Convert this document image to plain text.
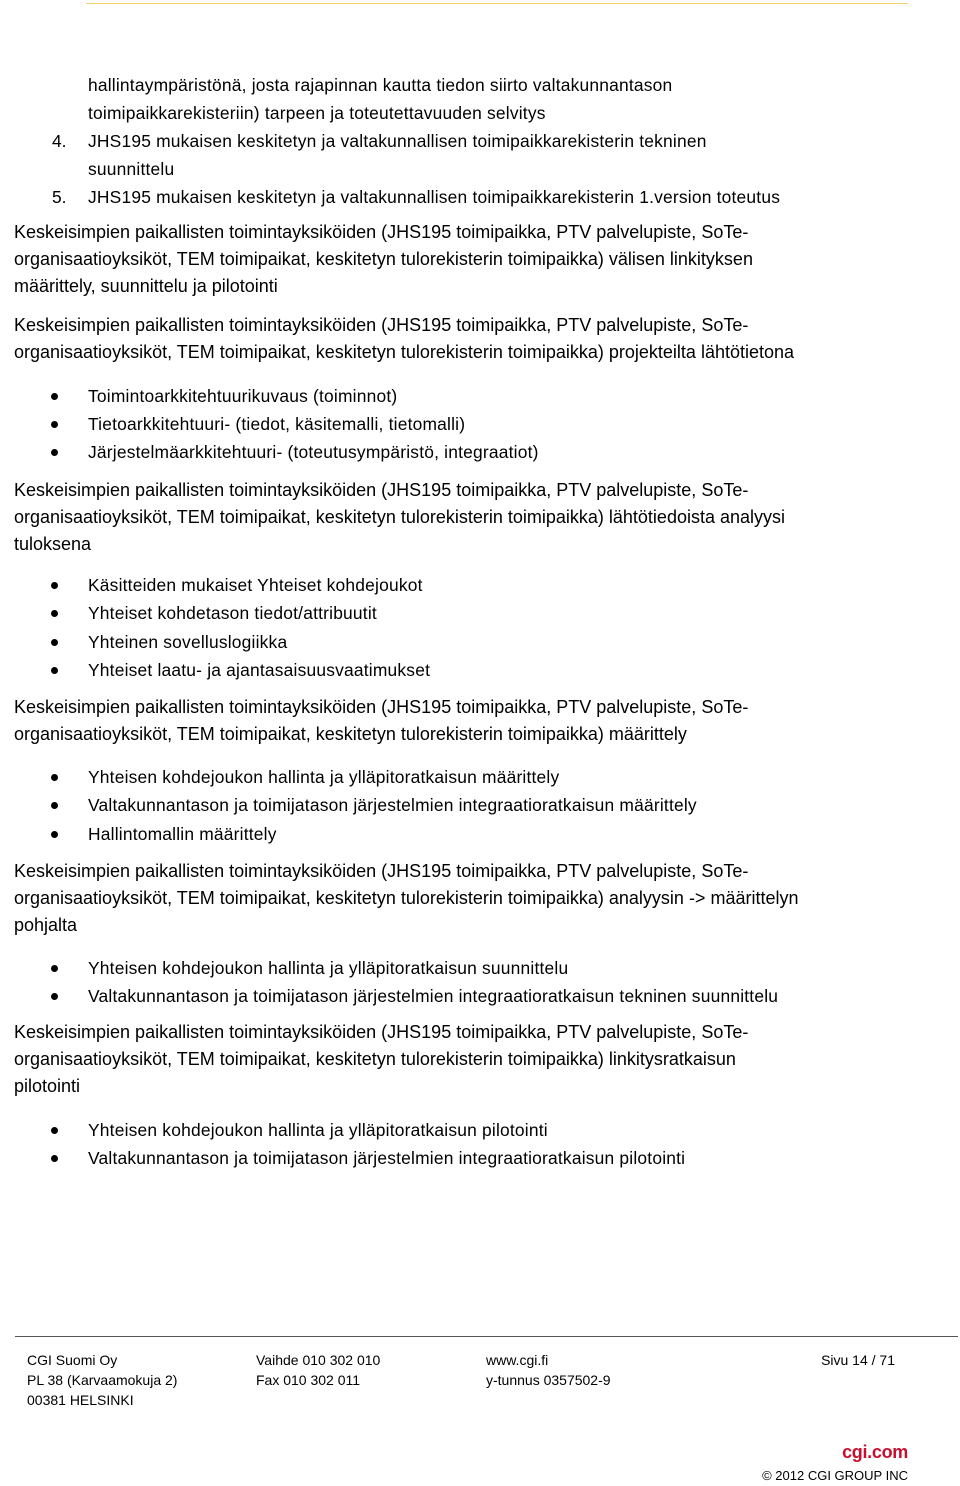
hallintaympäristönä, josta rajapinnan kautta tiedon siirto valtakunnantason

toimipaikkarekisteriin) tarpeen ja toteutettavuuden selvitys

4. JHS195 mukaisen keskitetyn ja valtakunnallisen toimipaikkarekisterin tekninen

suunnittelu

5. JHS195 mukaisen keskitetyn ja valtakunnallisen toimipaikkarekisterin 1.version toteutus

Keskeisimpien paikallisten toimintayksiköiden (JHS195 toimipaikka, PTV palvelupiste, SoTe-

organisaatioyksiköt, TEM toimipaikat, keskitetyn tulorekisterin toimipaikka) välisen linkityksen

määrittely, suunnittelu ja pilotointi

Keskeisimpien paikallisten toimintayksiköiden (JHS195 toimipaikka, PTV palvelupiste, SoTe-

organisaatioyksiköt, TEM toimipaikat, keskitetyn tulorekisterin toimipaikka) projekteilta lähtötietona

Toimintoarkkitehtuurikuvaus (toiminnot)
Tietoarkkitehtuuri- (tiedot, käsitemalli, tietomalli)
Järjestelmäarkkitehtuuri- (toteutusympäristö, integraatiot)

Keskeisimpien paikallisten toimintayksiköiden (JHS195 toimipaikka, PTV palvelupiste, SoTe-

organisaatioyksiköt, TEM toimipaikat, keskitetyn tulorekisterin toimipaikka) lähtötiedoista analyysi

tuloksena

Käsitteiden mukaiset Yhteiset kohdejoukot
Yhteiset kohdetason tiedot/attribuutit
Yhteinen sovelluslogiikka
Yhteiset laatu- ja ajantasaisuusvaatimukset

Keskeisimpien paikallisten toimintayksiköiden (JHS195 toimipaikka, PTV palvelupiste, SoTe-

organisaatioyksiköt, TEM toimipaikat, keskitetyn tulorekisterin toimipaikka) määrittely

Yhteisen kohdejoukon hallinta ja ylläpitoratkaisun määrittely
Valtakunnantason ja toimijatason järjestelmien integraatioratkaisun määrittely
Hallintomallin määrittely

Keskeisimpien paikallisten toimintayksiköiden (JHS195 toimipaikka, PTV palvelupiste, SoTe-

organisaatioyksiköt, TEM toimipaikat, keskitetyn tulorekisterin toimipaikka) analyysin -> määrittelyn

pohjalta

Yhteisen kohdejoukon hallinta ja ylläpitoratkaisun suunnittelu
Valtakunnantason ja toimijatason järjestelmien integraatioratkaisun tekninen suunnittelu

Keskeisimpien paikallisten toimintayksiköiden (JHS195 toimipaikka, PTV palvelupiste, SoTe-

organisaatioyksiköt, TEM toimipaikat, keskitetyn tulorekisterin toimipaikka) linkitysratkaisun

pilotointi

Yhteisen kohdejoukon hallinta ja ylläpitoratkaisun pilotointi
Valtakunnantason ja toimijatason järjestelmien integraatioratkaisun pilotointi
CGI Suomi Oy
PL 38 (Karvaamokuja 2)
00381 HELSINKI
Vaihde 010 302 010
Fax 010 302 011
www.cgi.fi
y-tunnus 0357502-9
Sivu 14 / 71
cgi.com
© 2012 CGI GROUP INC
